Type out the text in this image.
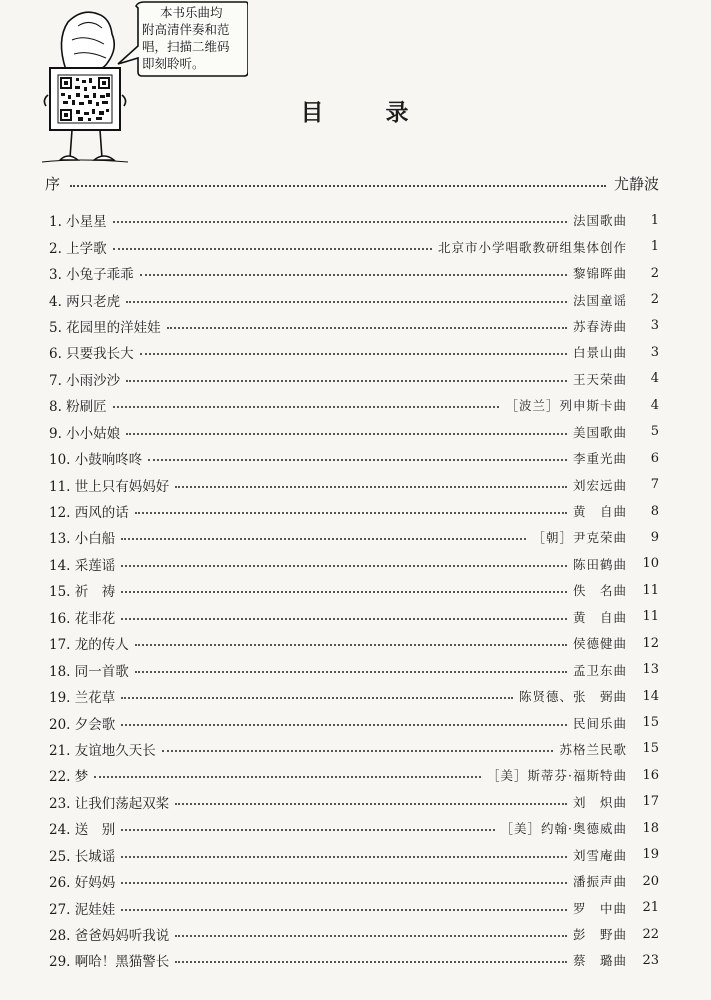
本书乐曲均
附高清伴奏和范
唱，扫描二维码
即刻聆听。
目录
序	尤静波
1. 小星星	法国歌曲	1
2. 上学歌	北京市小学唱歌教研组集体创作	1
3. 小兔子乖乖	黎锦晖曲	2
4. 两只老虎	法国童谣	2
5. 花园里的洋娃娃	苏春涛曲	3
6. 只要我长大	白景山曲	3
7. 小雨沙沙	王天荣曲	4
8. 粉刷匠	［波兰］列申斯卡曲	4
9. 小小姑娘	美国歌曲	5
10. 小鼓响咚咚	李重光曲	6
11. 世上只有妈妈好	刘宏远曲	7
12. 西风的话	黄　自曲	8
13. 小白船	［朝］尹克荣曲	9
14. 采莲谣	陈田鹤曲	10
15. 祈　祷	佚　名曲	11
16. 花非花	黄　自曲	11
17. 龙的传人	侯德健曲	12
18. 同一首歌	孟卫东曲	13
19. 兰花草	陈贤德、张　弼曲	14
20. 夕会歌	民间乐曲	15
21. 友谊地久天长	苏格兰民歌	15
22. 梦	［美］斯蒂芬·福斯特曲	16
23. 让我们荡起双桨	刘　炽曲	17
24. 送　别	［美］约翰·奥德威曲	18
25. 长城谣	刘雪庵曲	19
26. 好妈妈	潘振声曲	20
27. 泥娃娃	罗　中曲	21
28. 爸爸妈妈听我说	彭　野曲	22
29. 啊哈！黑猫警长	蔡　璐曲	23
